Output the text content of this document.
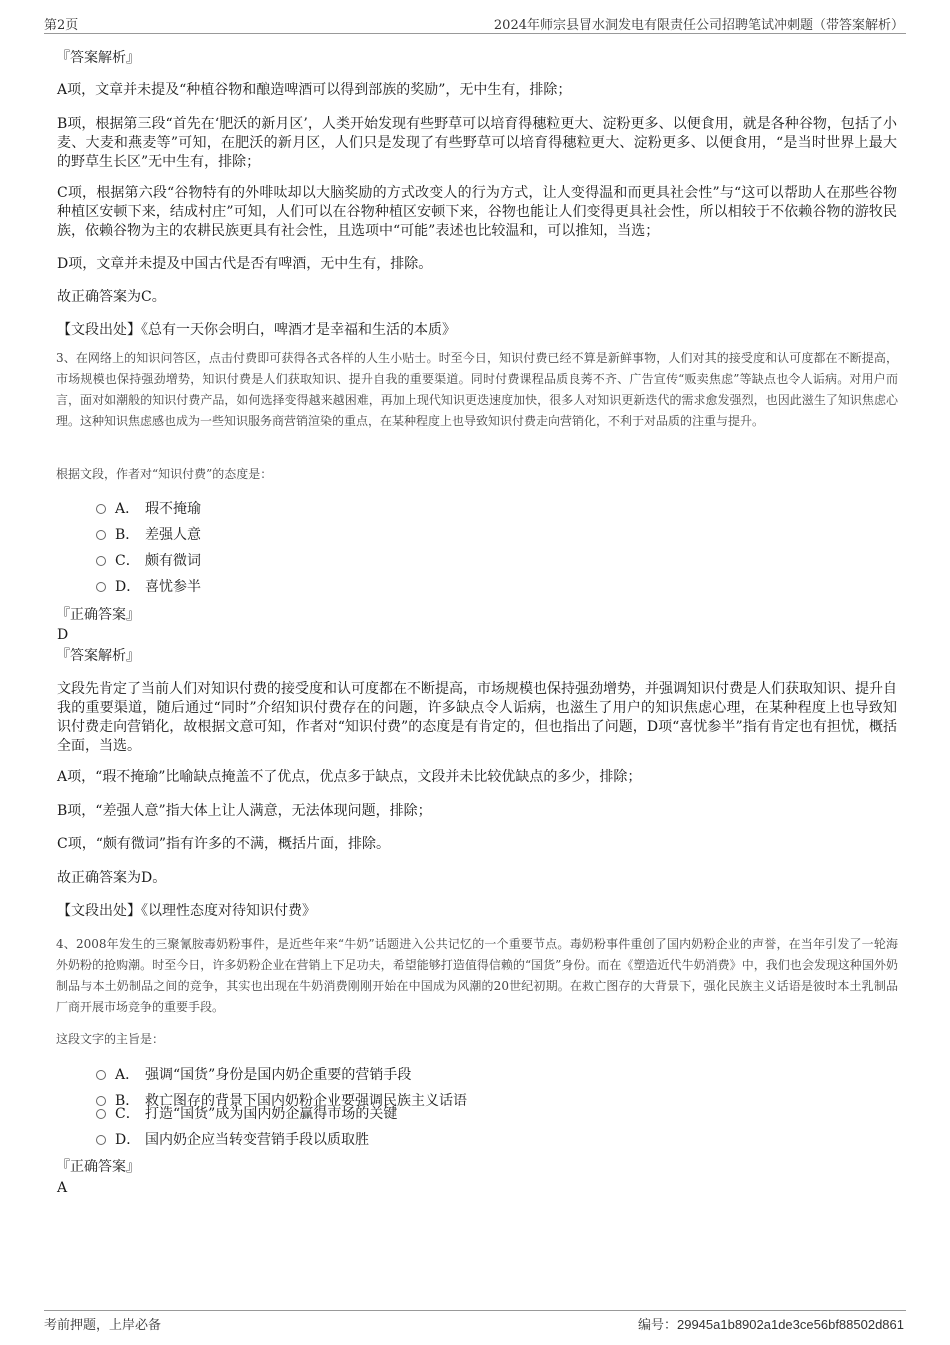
第2页	2024年师宗县冒水洞发电有限责任公司招聘笔试冲刺题（带答案解析）
『答案解析』
A项，文章并未提及“种植谷物和酿造啤酒可以得到部族的奖励”，无中生有，排除；
B项，根据第三段“首先在‘肥沃的新月区’，人类开始发现有些野草可以培育得穗粒更大、淀粉更多、以便食用，就是各种谷物，包括了小麦、大麦和燕麦等”可知，在肥沃的新月区，人们只是发现了有些野草可以培育得穗粒更大、淀粉更多、以便食用，“是当时世界上最大的野草生长区”无中生有，排除；
C项，根据第六段“谷物特有的外啡呔却以大脑奖励的方式改变人的行为方式，让人变得温和而更具社会性”与“这可以帮助人在那些谷物种植区安顿下来，结成村庄”可知，人们可以在谷物种植区安顿下来，谷物也能让人们变得更具社会性，所以相较于不依赖谷物的游牧民族，依赖谷物为主的农耕民族更具有社会性，且选项中“可能”表述也比较温和，可以推知，当选；
D项，文章并未提及中国古代是否有啤酒，无中生有，排除。
故正确答案为C。
【文段出处】《总有一天你会明白，啤酒才是幸福和生活的本质》
3、在网络上的知识问答区，点击付费即可获得各式各样的人生小贴士。时至今日，知识付费已经不算是新鲜事物，人们对其的接受度和认可度都在不断提高，市场规模也保持强劲增势，知识付费是人们获取知识、提升自我的重要渠道。同时付费课程品质良莠不齐、广告宣传“贩卖焦虑”等缺点也令人诟病。对用户而言，面对如潮般的知识付费产品，如何选择变得越来越困难，再加上现代知识更迭速度加快，很多人对知识更新迭代的需求愈发强烈，也因此滋生了知识焦虑心理。这种知识焦虑感也成为一些知识服务商营销渲染的重点，在某种程度上也导致知识付费走向营销化，不利于对品质的注重与提升。
根据文段，作者对“知识付费”的态度是：
A． 瑕不掩瑜
B． 差强人意
C． 颇有微词
D． 喜忧参半
『正确答案』
D
『答案解析』
文段先肯定了当前人们对知识付费的接受度和认可度都在不断提高，市场规模也保持强劲增势，并强调知识付费是人们获取知识、提升自我的重要渠道，随后通过“同时”介绍知识付费存在的问题，许多缺点令人诟病，也滋生了用户的知识焦虑心理，在某种程度上也导致知识付费走向营销化，故根据文意可知，作者对“知识付费”的态度是有肯定的，但也指出了问题，D项“喜忧参半”指有肯定也有担忧，概括全面，当选。
A项，“瑕不掩瑜”比喻缺点掩盖不了优点，优点多于缺点，文段并未比较优缺点的多少，排除；
B项，“差强人意”指大体上让人满意，无法体现问题，排除；
C项，“颇有微词”指有许多的不满，概括片面，排除。
故正确答案为D。
【文段出处】《以理性态度对待知识付费》
4、2008年发生的三聚氰胺毒奶粉事件，是近些年来“牛奶”话题进入公共记忆的一个重要节点。毒奶粉事件重创了国内奶粉企业的声誉，在当年引发了一轮海外奶粉的抢购潮。时至今日，许多奶粉企业在营销上下足功夫，希望能够打造值得信赖的“国货”身份。而在《塑造近代牛奶消费》中，我们也会发现这种国外奶制品与本土奶制品之间的竞争，其实也出现在牛奶消费刚刚开始在中国成为风潮的20世纪初期。在救亡图存的大背景下，强化民族主义话语是彼时本土乳制品厂商开展市场竞争的重要手段。
这段文字的主旨是：
A． 强调“国货”身份是国内奶企重要的营销手段
B． 救亡图存的背景下国内奶粉企业要强调民族主义话语
C． 打造“国货”成为国内奶企赢得市场的关键
D． 国内奶企应当转变营销手段以质取胜
『正确答案』
A
考前押题，上岸必备	编号：29945a1b8902a1de3ce56bf88502d861
